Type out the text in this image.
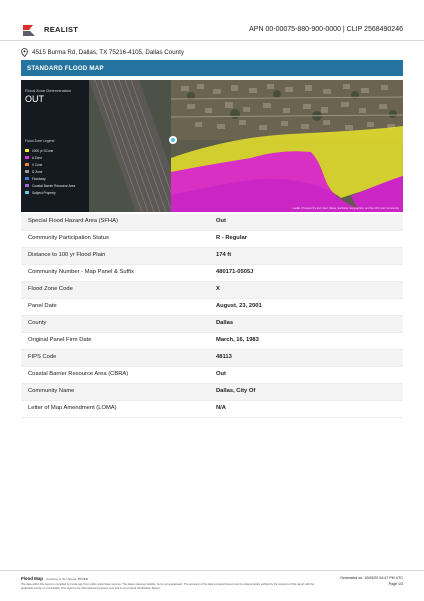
REALIST	APN 00-00075-880-900-0000 | CLIP 2568490246
4515 Burma Rd, Dallas, TX 75216-4105, Dallas County
STANDARD FLOOD MAP
Flood Zone Determination
OUT
Flood Zone Legend
1000 yr SCone
A Zone
V Zone
D Zone
Floodway
Coastal Barrier Resource Area
Subject Property
Leaflet | Powered by Esri | Esri, Maxar, Earthstar Geographics, and the GIS User Community
Special Flood Hazard Area (SFHA)	Out
Community Participation Status	R - Regular
Distance to 100 yr Flood Plain	174 ft
Community Number - Map Panel & Suffix	480171-0505J
Flood Zone Code	X
Panel Date	August, 23, 2001
County	Dallas
Original Panel Firm Date	March, 16, 1983
FIPS Code	48113
Coastal Barrier Resource Area (CBRA)	Out
Community Name	Dallas, City Of
Letter of Map Amendment (LOMA)	N/A
Flood Map Courtesy of Jim Souza, BTREB
The data within this report is compiled by CoreLogic from public and private sources. The data is deemed reliable, but is not guaranteed. The accuracy of the data contained herein can be independently verified by the recipient of this report with the applicable county or municipality. This report is for informational purposes only and is not a Flood Certification Report.
Generated on: 10/09/20 04:47 PM UTC
Page 1/3
